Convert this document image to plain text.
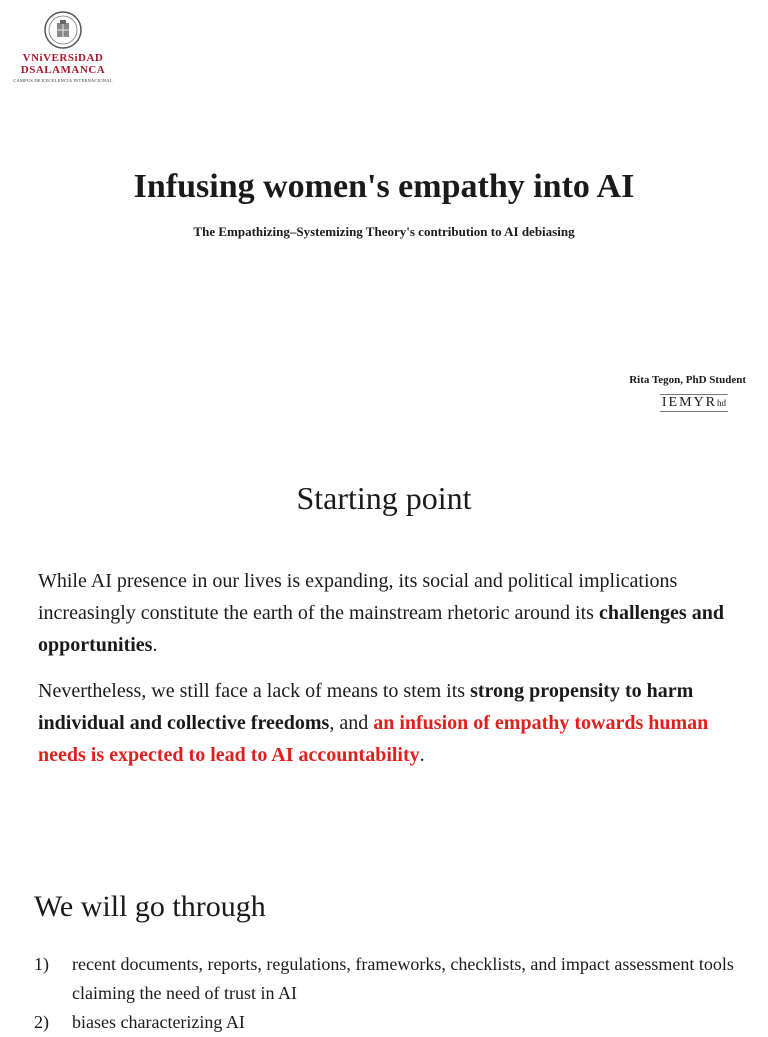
VNiVERSiDAD
DSALAMANCA
CAMPUS DE EXCELENCIA INTERNACIONAL
Infusing women's empathy into AI

The Empathizing–Systemizing Theory's contribution to AI debiasing

Rita Tegon, PhD Student
IEMYRhd
Starting point

While AI presence in our lives is expanding, its social and political implications increasingly constitute the earth of the mainstream rhetoric around its challenges and opportunities.

Nevertheless, we still face a lack of means to stem its strong propensity to harm individual and collective freedoms, and an infusion of empathy towards human needs is expected to lead to AI accountability.

We will go through
1) recent documents, reports, regulations, frameworks, checklists, and impact assessment tools claiming the need of trust in AI
2) biases characterizing AI
